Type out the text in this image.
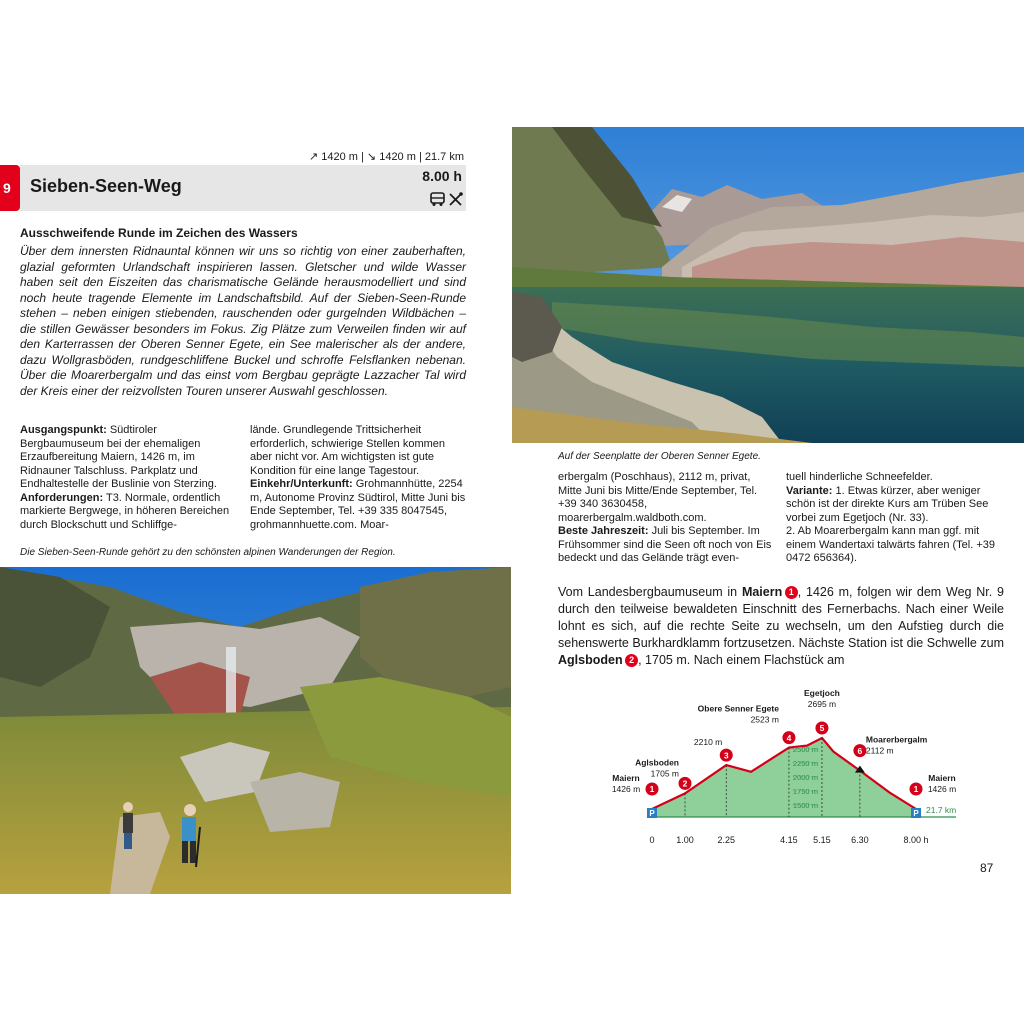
↗ 1420 m | ↘ 1420 m | 21.7 km
9	Sieben-Seen-Weg	8.00 h
Ausschweifende Runde im Zeichen des Wassers
Über dem innersten Ridnauntal können wir uns so richtig von einer zauberhaften, glazial geformten Urlandschaft inspirieren lassen. Gletscher und wilde Wasser haben seit den Eiszeiten das charismatische Gelände herausmodelliert und sind noch heute tragende Elemente im Landschaftsbild. Auf der Sieben-Seen-Runde stehen – neben einigen stiebenden, rauschenden oder gurgelnden Wildbächen – die stillen Gewässer besonders im Fokus. Zig Plätze zum Verweilen finden wir auf den Karterrassen der Oberen Senner Egete, ein See malerischer als der andere, dazu Wollgrasböden, rundgeschliffene Buckel und schroffe Felsflanken nebenan. Über die Moarerbergalm und das einst vom Bergbau geprägte Lazzacher Tal wird der Kreis einer der reizvollsten Touren unserer Auswahl geschlossen.
Ausgangspunkt: Südtiroler Bergbaumuseum bei der ehemaligen Erzaufbereitung Maiern, 1426 m, im Ridnauner Talschluss. Parkplatz und Endhaltestelle der Buslinie von Sterzing.
Anforderungen: T3. Normale, ordentlich markierte Bergwege, in höheren Bereichen durch Blockschutt und Schliffge-
lände. Grundlegende Trittsicherheit erforderlich, schwierige Stellen kommen aber nicht vor. Am wichtigsten ist gute Kondition für eine lange Tagestour.
Einkehr/Unterkunft: Grohmannhütte, 2254 m, Autonome Provinz Südtirol, Mitte Juni bis Ende September, Tel. +39 335 8047545, grohmannhuette.com. Moar-
erbergalm (Poschhaus), 2112 m, privat, Mitte Juni bis Mitte/Ende September, Tel. +39 340 3630458, moarerbergalm.waldboth.com.
Beste Jahreszeit: Juli bis September. Im Frühsommer sind die Seen oft noch von Eis bedeckt und das Gelände trägt even-
tuell hinderliche Schneefelder.
Variante: 1. Etwas kürzer, aber weniger schön ist der direkte Kurs am Trüben See vorbei zum Egetjoch (Nr. 33).
2. Ab Moarerbergalm kann man ggf. mit einem Wandertaxi talwärts fahren (Tel. +39 0472 656364).
Die Sieben-Seen-Runde gehört zu den schönsten alpinen Wanderungen der Region.
Auf der Seenplatte der Oberen Senner Egete.
Vom Landesbergbaumuseum in Maiern  1 , 1426 m, folgen wir dem Weg Nr. 9 durch den teilweise bewaldeten Einschnitt des Fernerbachs. Nach einer Weile lohnt es sich, auf die rechte Seite zu wechseln, um den Aufstieg durch die sehenswerte Burkhardklamm fortzusetzen. Nächste Station ist die Schwelle zum Aglsboden  2 , 1705 m. Nach einem Flachstück am
0 1.00	2.25	4.15 5.15 6.30	8.00 h
2500 m
2250 m
2000 m
1750 m
1500 m	21.7 km
1
Maiern
1426 m
2
Aglsboden
1705 m
3
2210 m	4
Obere Senner Egete
2523 m
5
Egetjoch
2695 m
6
Moarerbergalm
2112 m
1
Maiern
1426 m
P	P
87
